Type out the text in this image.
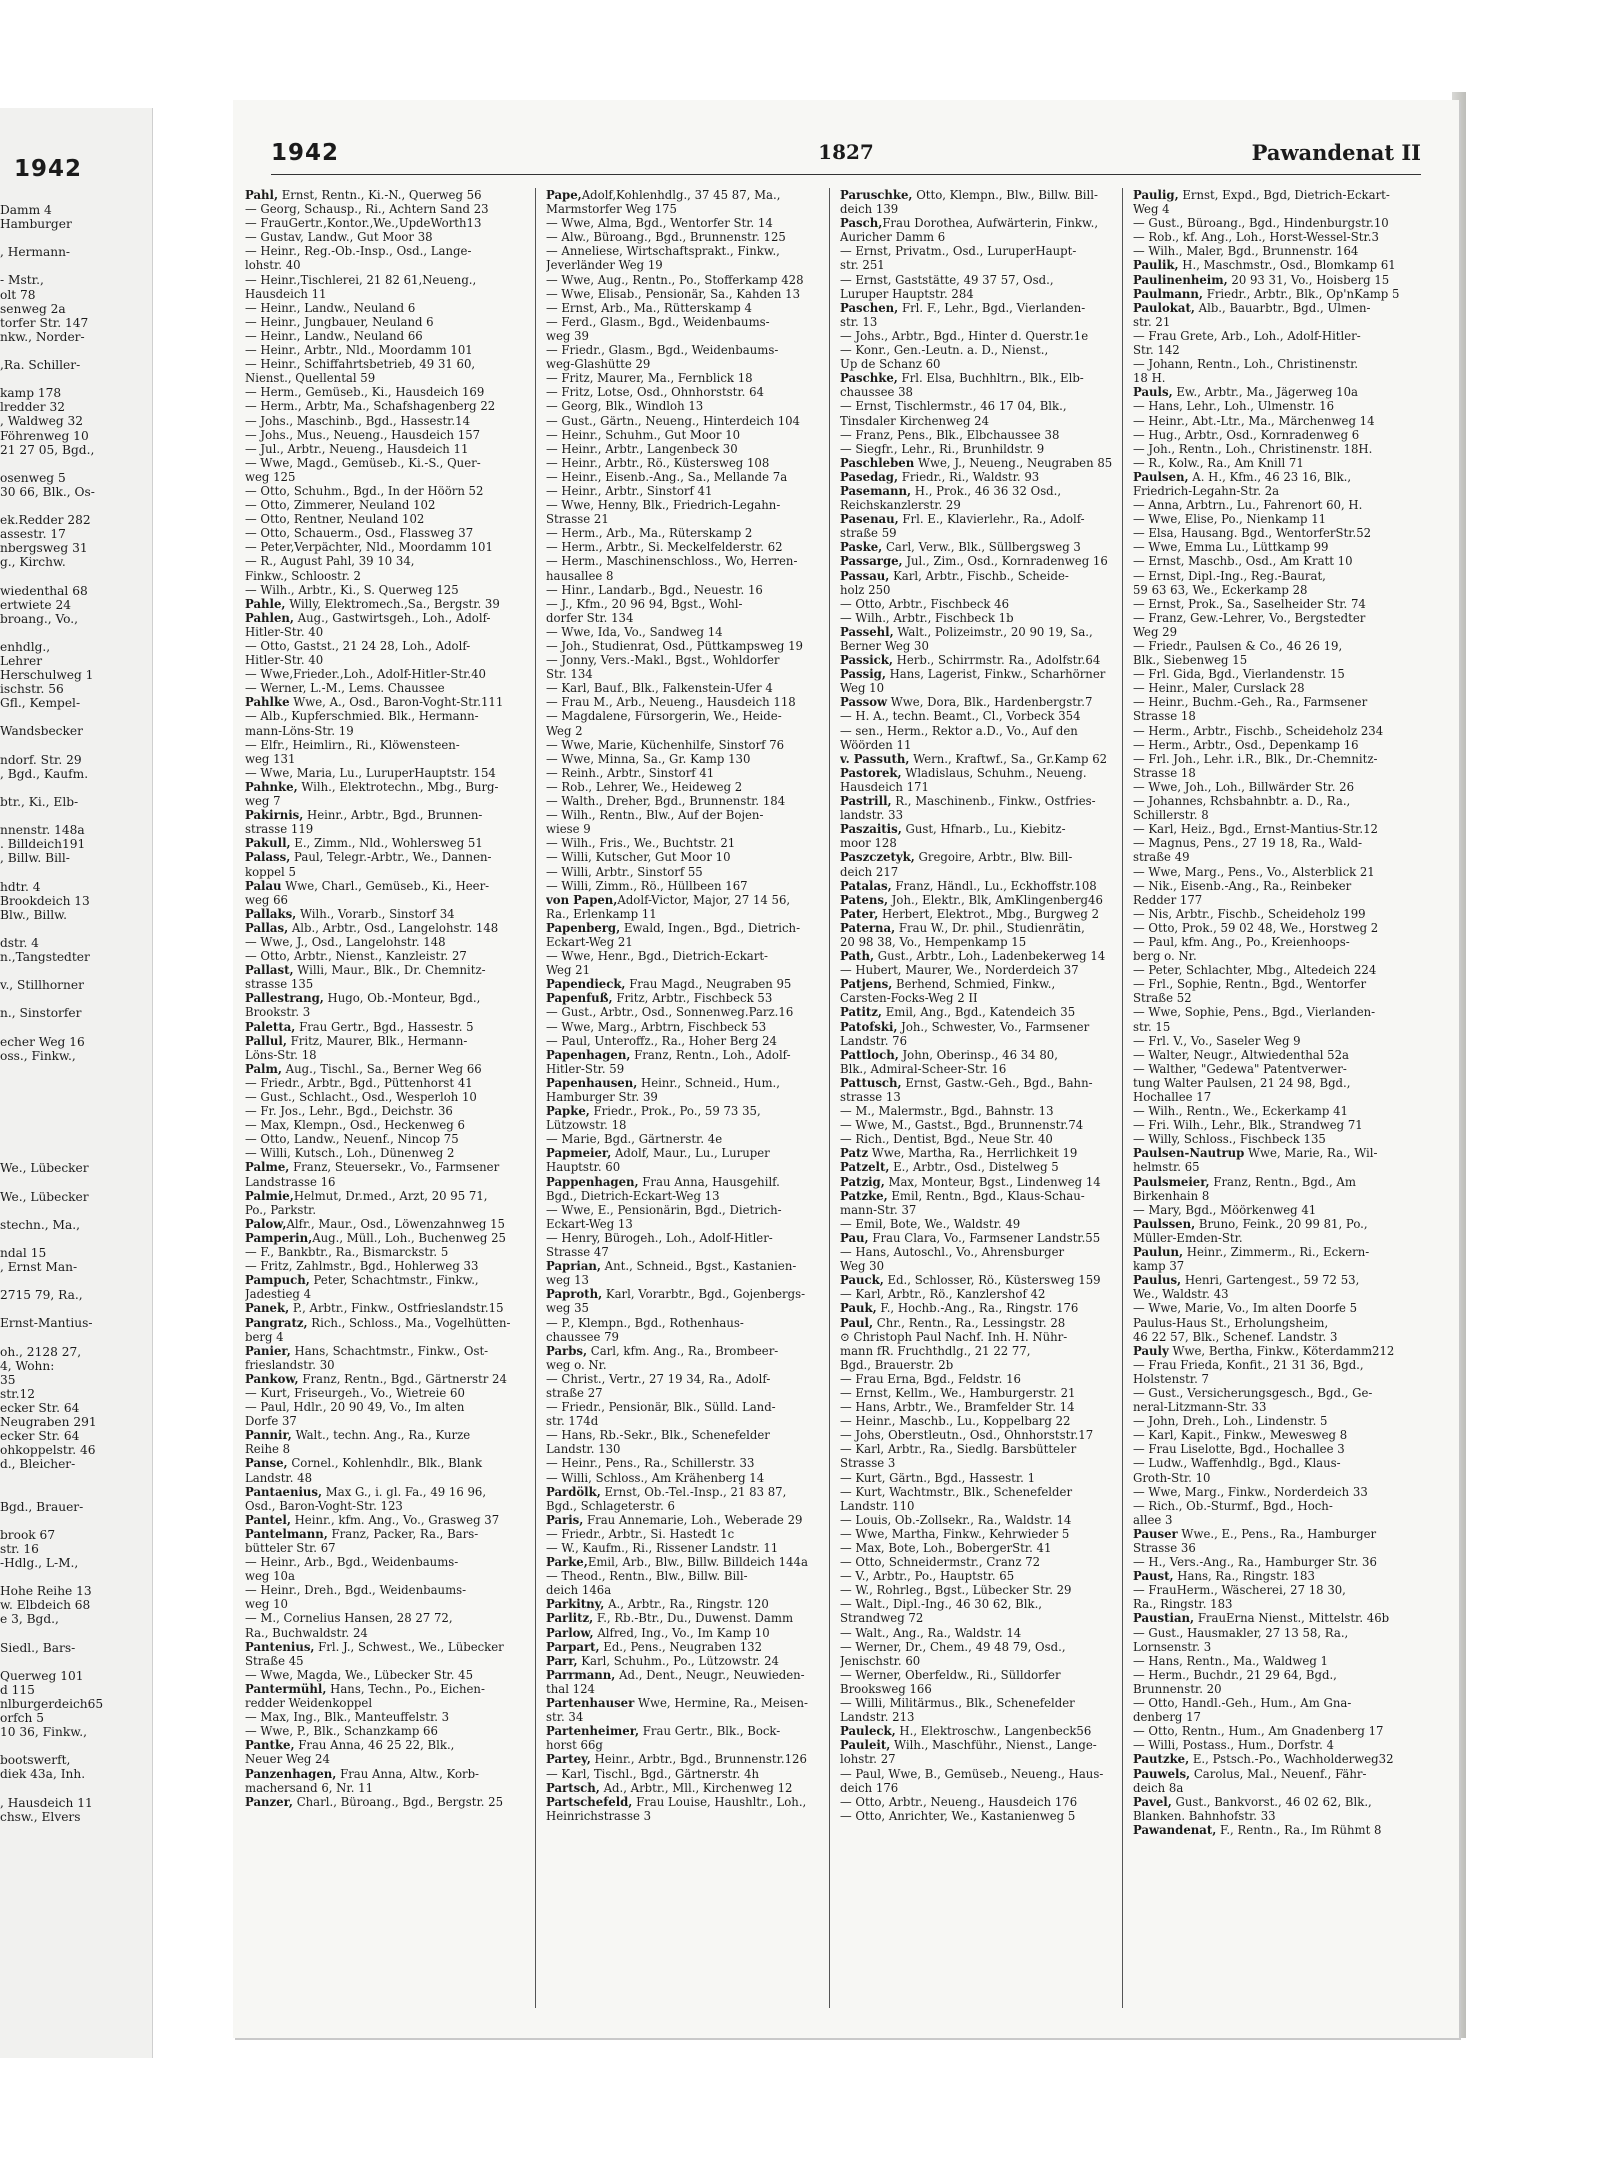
1942
Damm 4
Hamburger

, Hermann-

- Mstr.,
olt 78
senweg 2a
torfer Str. 147
nkw., Norder-

,Ra. Schiller-

kamp 178
lredder 32
, Waldweg 32
Föhrenweg 10
21 27 05, Bgd.,

osenweg 5
30 66, Blk., Os-

ek.Redder 282
assestr. 17
nbergsweg 31
g., Kirchw.

wiedenthal 68
ertwiete 24
broang., Vo.,

enhdlg.,
Lehrer
Herschulweg 1
ischstr. 56
Gfl., Kempel-

Wandsbecker

ndorf. Str. 29
, Bgd., Kaufm.

btr., Ki., Elb-

nnenstr. 148a
. Billdeich191
, Billw. Bill-

hdtr. 4
Brookdeich 13
Blw., Billw.

dstr. 4
n.,Tangstedter

v., Stillhorner

n., Sinstorfer

echer Weg 16
oss., Finkw.,

We., Lübecker

We., Lübecker

stechn., Ma.,

ndal 15
, Ernst Man-

2715 79, Ra.,

Ernst-Mantius-

oh., 2128 27,
4, Wohn:
35
str.12
ecker Str. 64
Neugraben 291
ecker Str. 64
ohkoppelstr. 46
d., Bleicher-

Bgd., Brauer-

brook 67
str. 16
-Hdlg., L-M.,

Hohe Reihe 13
w. Elbdeich 68
e 3, Bgd.,

Siedl., Bars-

Querweg 101
d 115
nlburgerdeich65
orfch 5
10 36, Finkw.,

bootswerft,
diek 43a, Inh.

, Hausdeich 11
chsw., Elvers
1942	1827	Pawandenat II
Pahl, Ernst, Rentn., Ki.-N., Querweg 56
— Georg, Schausp., Ri., Achtern Sand 23
— FrauGertr.,Kontor.,We.,UpdeWorth13
— Gustav, Landw., Gut Moor 38
— Heinr., Reg.-Ob.-Insp., Osd., Lange-
lohstr. 40
— Heinr.,Tischlerei, 21 82 61,Neueng.,
Hausdeich 11
— Heinr., Landw., Neuland 6
— Heinr., Jungbauer, Neuland 6
— Heinr., Landw., Neuland 66
— Heinr., Arbtr., Nld., Moordamm 101
— Heinr., Schiffahrtsbetrieb, 49 31 60,
Nienst., Quellental 59
— Herm., Gemüseb., Ki., Hausdeich 169
— Herm., Arbtr, Ma., Schafshagenberg 22
— Johs., Maschinb., Bgd., Hassestr.14
— Johs., Mus., Neueng., Hausdeich 157
— Jul., Arbtr., Neueng., Hausdeich 11
— Wwe, Magd., Gemüseb., Ki.-S., Quer-
weg 125
— Otto, Schuhm., Bgd., In der Höörn 52
— Otto, Zimmerer, Neuland 102
— Otto, Rentner, Neuland 102
— Otto, Schauerm., Osd., Flassweg 37
— Peter,Verpächter, Nld., Moordamm 101
— R., August Pahl, 39 10 34,
Finkw., Schloostr. 2
— Wilh., Arbtr., Ki., S. Querweg 125
Pahle, Willy, Elektromech.,Sa., Bergstr. 39
Pahlen, Aug., Gastwirtsgeh., Loh., Adolf-
Hitler-Str. 40
— Otto, Gastst., 21 24 28, Loh., Adolf-
Hitler-Str. 40
— Wwe,Frieder.,Loh., Adolf-Hitler-Str.40
— Werner, L.-M., Lems. Chaussee
Pahlke Wwe, A., Osd., Baron-Voght-Str.111
— Alb., Kupferschmied. Blk., Hermann-
mann-Löns-Str. 19
— Elfr., Heimlirn., Ri., Klöwensteen-
weg 131
— Wwe, Maria, Lu., LuruperHauptstr. 154
Pahnke, Wilh., Elektrotechn., Mbg., Burg-
weg 7
Pakirnis, Heinr., Arbtr., Bgd., Brunnen-
strasse 119
Pakull, E., Zimm., Nld., Wohlersweg 51
Palass, Paul, Telegr.-Arbtr., We., Dannen-
koppel 5
Palau Wwe, Charl., Gemüseb., Ki., Heer-
weg 66
Pallaks, Wilh., Vorarb., Sinstorf 34
Pallas, Alb., Arbtr., Osd., Langelohstr. 148
— Wwe, J., Osd., Langelohstr. 148
— Otto, Arbtr., Nienst., Kanzleistr. 27
Pallast, Willi, Maur., Blk., Dr. Chemnitz-
strasse 135
Pallestrang, Hugo, Ob.-Monteur, Bgd.,
Brookstr. 3
Paletta, Frau Gertr., Bgd., Hassestr. 5
Pallul, Fritz, Maurer, Blk., Hermann-
Löns-Str. 18
Palm, Aug., Tischl., Sa., Berner Weg 66
— Friedr., Arbtr., Bgd., Püttenhorst 41
— Gust., Schlacht., Osd., Wesperloh 10
— Fr. Jos., Lehr., Bgd., Deichstr. 36
— Max, Klempn., Osd., Heckenweg 6
— Otto, Landw., Neuenf., Nincop 75
— Willi, Kutsch., Loh., Dünenweg 2
Palme, Franz, Steuersekr., Vo., Farmsener
Landstrasse 16
Palmie,Helmut, Dr.med., Arzt, 20 95 71,
Po., Parkstr.
Palow,Alfr., Maur., Osd., Löwenzahnweg 15
Pamperin,Aug., Müll., Loh., Buchenweg 25
— F., Bankbtr., Ra., Bismarckstr. 5
— Fritz, Zahlmstr., Bgd., Hohlerweg 33
Pampuch, Peter, Schachtmstr., Finkw.,
Jadestieg 4
Panek, P., Arbtr., Finkw., Ostfrieslandstr.15
Pangratz, Rich., Schloss., Ma., Vogelhütten-
berg 4
Panier, Hans, Schachtmstr., Finkw., Ost-
frieslandstr. 30
Pankow, Franz, Rentn., Bgd., Gärtnerstr 24
— Kurt, Friseurgeh., Vo., Wietreie 60
— Paul, Hdlr., 20 90 49, Vo., Im alten
Dorfe 37
Pannir, Walt., techn. Ang., Ra., Kurze
Reihe 8
Panse, Cornel., Kohlenhdlr., Blk., Blank
Landstr. 48
Pantaenius, Max G., i. gl. Fa., 49 16 96,
Osd., Baron-Voght-Str. 123
Pantel, Heinr., kfm. Ang., Vo., Grasweg 37
Pantelmann, Franz, Packer, Ra., Bars-
bütteler Str. 67
— Heinr., Arb., Bgd., Weidenbaums-
weg 10a
— Heinr., Dreh., Bgd., Weidenbaums-
weg 10
— M., Cornelius Hansen, 28 27 72,
Ra., Buchwaldstr. 24
Pantenius, Frl. J., Schwest., We., Lübecker
Straße 45
— Wwe, Magda, We., Lübecker Str. 45
Pantermühl, Hans, Techn., Po., Eichen-
redder Weidenkoppel
— Max, Ing., Blk., Manteuffelstr. 3
— Wwe, P., Blk., Schanzkamp 66
Pantke, Frau Anna, 46 25 22, Blk.,
Neuer Weg 24
Panzenhagen, Frau Anna, Altw., Korb-
machersand 6, Nr. 11
Panzer, Charl., Büroang., Bgd., Bergstr. 25
Pape,Adolf,Kohlenhdlg., 37 45 87, Ma.,
Marmstorfer Weg 175
— Wwe, Alma, Bgd., Wentorfer Str. 14
— Alw., Büroang., Bgd., Brunnenstr. 125
— Anneliese, Wirtschaftsprakt., Finkw.,
Jeverländer Weg 19
— Wwe, Aug., Rentn., Po., Stofferkamp 428
— Wwe, Elisab., Pensionär, Sa., Kahden 13
— Ernst, Arb., Ma., Rütterskamp 4
— Ferd., Glasm., Bgd., Weidenbaums-
weg 39
— Friedr., Glasm., Bgd., Weidenbaums-
weg-Glashütte 29
— Fritz, Maurer, Ma., Fernblick 18
— Fritz, Lotse, Osd., Ohnhorststr. 64
— Georg, Blk., Windloh 13
— Gust., Gärtn., Neueng., Hinterdeich 104
— Heinr., Schuhm., Gut Moor 10
— Heinr., Arbtr., Langenbeck 30
— Heinr., Arbtr., Rö., Küstersweg 108
— Heinr., Eisenb.-Ang., Sa., Mellande 7a
— Heinr., Arbtr., Sinstorf 41
— Wwe, Henny, Blk., Friedrich-Legahn-
Strasse 21
— Herm., Arb., Ma., Rüterskamp 2
— Herm., Arbtr., Si. Meckelfelderstr. 62
— Herm., Maschinenschloss., Wo, Herren-
hausallee 8
— Hinr., Landarb., Bgd., Neuestr. 16
— J., Kfm., 20 96 94, Bgst., Wohl-
dorfer Str. 134
— Wwe, Ida, Vo., Sandweg 14
— Joh., Studienrat, Osd., Püttkampsweg 19
— Jonny, Vers.-Makl., Bgst., Wohldorfer
Str. 134
— Karl, Bauf., Blk., Falkenstein-Ufer 4
— Frau M., Arb., Neueng., Hausdeich 118
— Magdalene, Fürsorgerin, We., Heide-
Weg 2
— Wwe, Marie, Küchenhilfe, Sinstorf 76
— Wwe, Minna, Sa., Gr. Kamp 130
— Reinh., Arbtr., Sinstorf 41
— Rob., Lehrer, We., Heideweg 2
— Walth., Dreher, Bgd., Brunnenstr. 184
— Wilh., Rentn., Blw., Auf der Bojen-
wiese 9
— Wilh., Fris., We., Buchtstr. 21
— Willi, Kutscher, Gut Moor 10
— Willi, Arbtr., Sinstorf 55
— Willi, Zimm., Rö., Hüllbeen 167
von Papen,Adolf-Victor, Major, 27 14 56,
Ra., Erlenkamp 11
Papenberg, Ewald, Ingen., Bgd., Dietrich-
Eckart-Weg 21
— Wwe, Henr., Bgd., Dietrich-Eckart-
Weg 21
Papendieck, Frau Magd., Neugraben 95
Papenfuß, Fritz, Arbtr., Fischbeck 53
— Gust., Arbtr., Osd., Sonnenweg.Parz.16
— Wwe, Marg., Arbtrn, Fischbeck 53
— Paul, Unteroffz., Ra., Hoher Berg 24
Papenhagen, Franz, Rentn., Loh., Adolf-
Hitler-Str. 59
Papenhausen, Heinr., Schneid., Hum.,
Hamburger Str. 39
Papke, Friedr., Prok., Po., 59 73 35,
Lützowstr. 18
— Marie, Bgd., Gärtnerstr. 4e
Papmeier, Adolf, Maur., Lu., Luruper
Hauptstr. 60
Pappenhagen, Frau Anna, Hausgehilf.
Bgd., Dietrich-Eckart-Weg 13
— Wwe, E., Pensionärin, Bgd., Dietrich-
Eckart-Weg 13
— Henry, Bürogeh., Loh., Adolf-Hitler-
Strasse 47
Paprian, Ant., Schneid., Bgst., Kastanien-
weg 13
Paproth, Karl, Vorarbtr., Bgd., Gojenbergs-
weg 35
— P., Klempn., Bgd., Rothenhaus-
chaussee 79
Parbs, Carl, kfm. Ang., Ra., Brombeer-
weg o. Nr.
— Christ., Vertr., 27 19 34, Ra., Adolf-
straße 27
— Friedr., Pensionär, Blk., Sülld. Land-
str. 174d
— Hans, Rb.-Sekr., Blk., Schenefelder
Landstr. 130
— Heinr., Pens., Ra., Schillerstr. 33
— Willi, Schloss., Am Krähenberg 14
Pardölk, Ernst, Ob.-Tel.-Insp., 21 83 87,
Bgd., Schlageterstr. 6
Paris, Frau Annemarie, Loh., Weberade 29
— Friedr., Arbtr., Si. Hastedt 1c
— W., Kaufm., Ri., Rissener Landstr. 11
Parke,Emil, Arb., Blw., Billw. Billdeich 144a
— Theod., Rentn., Blw., Billw. Bill-
deich 146a
Parkitny, A., Arbtr., Ra., Ringstr. 120
Parlitz, F., Rb.-Btr., Du., Duwenst. Damm
Parlow, Alfred, Ing., Vo., Im Kamp 10
Parpart, Ed., Pens., Neugraben 132
Parr, Karl, Schuhm., Po., Lützowstr. 24
Parrmann, Ad., Dent., Neugr., Neuwieden-
thal 124
Partenhauser Wwe, Hermine, Ra., Meisen-
str. 34
Partenheimer, Frau Gertr., Blk., Bock-
horst 66g
Partey, Heinr., Arbtr., Bgd., Brunnenstr.126
— Karl, Tischl., Bgd., Gärtnerstr. 4h
Partsch, Ad., Arbtr., Mll., Kirchenweg 12
Partschefeld, Frau Louise, Haushltr., Loh.,
Heinrichstrasse 3
Paruschke, Otto, Klempn., Blw., Billw. Bill-
deich 139
Pasch,Frau Dorothea, Aufwärterin, Finkw.,
Auricher Damm 6
— Ernst, Privatm., Osd., LuruperHaupt-
str. 251
— Ernst, Gaststätte, 49 37 57, Osd.,
Luruper Hauptstr. 284
Paschen, Frl. F., Lehr., Bgd., Vierlanden-
str. 13
— Johs., Arbtr., Bgd., Hinter d. Querstr.1e
— Konr., Gen.-Leutn. a. D., Nienst.,
Up de Schanz 60
Paschke, Frl. Elsa, Buchhltrn., Blk., Elb-
chaussee 38
— Ernst, Tischlermstr., 46 17 04, Blk.,
Tinsdaler Kirchenweg 24
— Franz, Pens., Blk., Elbchaussee 38
— Siegfr., Lehr., Ri., Brunhildstr. 9
Paschleben Wwe, J., Neueng., Neugraben 85
Pasedag, Friedr., Ri., Waldstr. 93
Pasemann, H., Prok., 46 36 32 Osd.,
Reichskanzlerstr. 29
Pasenau, Frl. E., Klavierlehr., Ra., Adolf-
straße 59
Paske, Carl, Verw., Blk., Süllbergsweg 3
Passarge, Jul., Zim., Osd., Kornradenweg 16
Passau, Karl, Arbtr., Fischb., Scheide-
holz 250
— Otto, Arbtr., Fischbeck 46
— Wilh., Arbtr., Fischbeck 1b
Passehl, Walt., Polizeimstr., 20 90 19, Sa.,
Berner Weg 30
Passick, Herb., Schirrmstr. Ra., Adolfstr.64
Passig, Hans, Lagerist, Finkw., Scharhörner
Weg 10
Passow Wwe, Dora, Blk., Hardenbergstr.7
— H. A., techn. Beamt., Cl., Vorbeck 354
— sen., Herm., Rektor a.D., Vo., Auf den
Wöörden 11
v. Passuth, Wern., Kraftwf., Sa., Gr.Kamp 62
Pastorek, Wladislaus, Schuhm., Neueng.
Hausdeich 171
Pastrill, R., Maschinenb., Finkw., Ostfries-
landstr. 33
Paszaitis, Gust, Hfnarb., Lu., Kiebitz-
moor 128
Paszczetyk, Gregoire, Arbtr., Blw. Bill-
deich 217
Patalas, Franz, Händl., Lu., Eckhoffstr.108
Patens, Joh., Elektr., Blk, AmKlingenberg46
Pater, Herbert, Elektrot., Mbg., Burgweg 2
Paterna, Frau W., Dr. phil., Studienrätin,
20 98 38, Vo., Hempenkamp 15
Path, Gust., Arbtr., Loh., Ladenbekerweg 14
— Hubert, Maurer, We., Norderdeich 37
Patjens, Berhend, Schmied, Finkw.,
Carsten-Focks-Weg 2 II
Patitz, Emil, Ang., Bgd., Katendeich 35
Patofski, Joh., Schwester, Vo., Farmsener
Landstr. 76
Pattloch, John, Oberinsp., 46 34 80,
Blk., Admiral-Scheer-Str. 16
Pattusch, Ernst, Gastw.-Geh., Bgd., Bahn-
strasse 13
— M., Malermstr., Bgd., Bahnstr. 13
— Wwe, M., Gastst., Bgd., Brunnenstr.74
— Rich., Dentist, Bgd., Neue Str. 40
Patz Wwe, Martha, Ra., Herrlichkeit 19
Patzelt, E., Arbtr., Osd., Distelweg 5
Patzig, Max, Monteur, Bgst., Lindenweg 14
Patzke, Emil, Rentn., Bgd., Klaus-Schau-
mann-Str. 37
— Emil, Bote, We., Waldstr. 49
Pau, Frau Clara, Vo., Farmsener Landstr.55
— Hans, Autoschl., Vo., Ahrensburger
Weg 30
Pauck, Ed., Schlosser, Rö., Küstersweg 159
— Karl, Arbtr., Rö., Kanzlershof 42
Pauk, F., Hochb.-Ang., Ra., Ringstr. 176
Paul, Chr., Rentn., Ra., Lessingstr. 28
⊙ Christoph Paul Nachf. Inh. H. Nühr-
mann fR. Fruchthdlg., 21 22 77,
Bgd., Brauerstr. 2b
— Frau Erna, Bgd., Feldstr. 16
— Ernst, Kellm., We., Hamburgerstr. 21
— Hans, Arbtr., We., Bramfelder Str. 14
— Heinr., Maschb., Lu., Koppelbarg 22
— Johs, Oberstleutn., Osd., Ohnhorststr.17
— Karl, Arbtr., Ra., Siedlg. Barsbütteler
Strasse 3
— Kurt, Gärtn., Bgd., Hassestr. 1
— Kurt, Wachtmstr., Blk., Schenefelder
Landstr. 110
— Louis, Ob.-Zollsekr., Ra., Waldstr. 14
— Wwe, Martha, Finkw., Kehrwieder 5
— Max, Bote, Loh., BobergerStr. 41
— Otto, Schneidermstr., Cranz 72
— V., Arbtr., Po., Hauptstr. 65
— W., Rohrleg., Bgst., Lübecker Str. 29
— Walt., Dipl.-Ing., 46 30 62, Blk.,
Strandweg 72
— Walt., Ang., Ra., Waldstr. 14
— Werner, Dr., Chem., 49 48 79, Osd.,
Jenischstr. 60
— Werner, Oberfeldw., Ri., Sülldorfer
Brooksweg 166
— Willi, Militärmus., Blk., Schenefelder
Landstr. 213
Pauleck, H., Elektroschw., Langenbeck56
Pauleit, Wilh., Maschführ., Nienst., Lange-
lohstr. 27
— Paul, Wwe, B., Gemüseb., Neueng., Haus-
deich 176
— Otto, Arbtr., Neueng., Hausdeich 176
— Otto, Anrichter, We., Kastanienweg 5
Paulig, Ernst, Expd., Bgd, Dietrich-Eckart-
Weg 4
— Gust., Büroang., Bgd., Hindenburgstr.10
— Rob., kf. Ang., Loh., Horst-Wessel-Str.3
— Wilh., Maler, Bgd., Brunnenstr. 164
Paulik, H., Maschmstr., Osd., Blomkamp 61
Paulinenheim, 20 93 31, Vo., Hoisberg 15
Paulmann, Friedr., Arbtr., Blk., Op'nKamp 5
Paulokat, Alb., Bauarbtr., Bgd., Ulmen-
str. 21
— Frau Grete, Arb., Loh., Adolf-Hitler-
Str. 142
— Johann, Rentn., Loh., Christinenstr.
18 H.
Pauls, Ew., Arbtr., Ma., Jägerweg 10a
— Hans, Lehr., Loh., Ulmenstr. 16
— Heinr., Abt.-Ltr., Ma., Märchenweg 14
— Hug., Arbtr., Osd., Kornradenweg 6
— Joh., Rentn., Loh., Christinenstr. 18H.
— R., Kolw., Ra., Am Knill 71
Paulsen, A. H., Kfm., 46 23 16, Blk.,
Friedrich-Legahn-Str. 2a
— Anna, Arbtrn., Lu., Fahrenort 60, H.
— Wwe, Elise, Po., Nienkamp 11
— Elsa, Hausang. Bgd., WentorferStr.52
— Wwe, Emma Lu., Lüttkamp 99
— Ernst, Maschb., Osd., Am Kratt 10
— Ernst, Dipl.-Ing., Reg.-Baurat,
59 63 63, We., Eckerkamp 28
— Ernst, Prok., Sa., Saselheider Str. 74
— Franz, Gew.-Lehrer, Vo., Bergstedter
Weg 29
— Friedr., Paulsen & Co., 46 26 19,
Blk., Siebenweg 15
— Frl. Gida, Bgd., Vierlandenstr. 15
— Heinr., Maler, Curslack 28
— Heinr., Buchm.-Geh., Ra., Farmsener
Strasse 18
— Herm., Arbtr., Fischb., Scheideholz 234
— Herm., Arbtr., Osd., Depenkamp 16
— Frl. Joh., Lehr. i.R., Blk., Dr.-Chemnitz-
Strasse 18
— Wwe, Joh., Loh., Billwärder Str. 26
— Johannes, Rchsbahnbtr. a. D., Ra.,
Schillerstr. 8
— Karl, Heiz., Bgd., Ernst-Mantius-Str.12
— Magnus, Pens., 27 19 18, Ra., Wald-
straße 49
— Wwe, Marg., Pens., Vo., Alsterblick 21
— Nik., Eisenb.-Ang., Ra., Reinbeker
Redder 177
— Nis, Arbtr., Fischb., Scheideholz 199
— Otto, Prok., 59 02 48, We., Horstweg 2
— Paul, kfm. Ang., Po., Kreienhoops-
berg o. Nr.
— Peter, Schlachter, Mbg., Altedeich 224
— Frl., Sophie, Rentn., Bgd., Wentorfer
Straße 52
— Wwe, Sophie, Pens., Bgd., Vierlanden-
str. 15
— Frl. V., Vo., Saseler Weg 9
— Walter, Neugr., Altwiedenthal 52a
— Walther, "Gedewa" Patentverwer-
tung Walter Paulsen, 21 24 98, Bgd.,
Hochallee 17
— Wilh., Rentn., We., Eckerkamp 41
— Fri. Wilh., Lehr., Blk., Strandweg 71
— Willy, Schloss., Fischbeck 135
Paulsen-Nautrup Wwe, Marie, Ra., Wil-
helmstr. 65
Paulsmeier, Franz, Rentn., Bgd., Am
Birkenhain 8
— Mary, Bgd., Möörkenweg 41
Paulssen, Bruno, Feink., 20 99 81, Po.,
Müller-Emden-Str.
Paulun, Heinr., Zimmerm., Ri., Eckern-
kamp 37
Paulus, Henri, Gartengest., 59 72 53,
We., Waldstr. 43
— Wwe, Marie, Vo., Im alten Doorfe 5
Paulus-Haus St., Erholungsheim,
46 22 57, Blk., Schenef. Landstr. 3
Pauly Wwe, Bertha, Finkw., Köterdamm212
— Frau Frieda, Konfit., 21 31 36, Bgd.,
Holstenstr. 7
— Gust., Versicherungsgesch., Bgd., Ge-
neral-Litzmann-Str. 33
— John, Dreh., Loh., Lindenstr. 5
— Karl, Kapit., Finkw., Mewesweg 8
— Frau Liselotte, Bgd., Hochallee 3
— Ludw., Waffenhdlg., Bgd., Klaus-
Groth-Str. 10
— Wwe, Marg., Finkw., Norderdeich 33
— Rich., Ob.-Sturmf., Bgd., Hoch-
allee 3
Pauser Wwe., E., Pens., Ra., Hamburger
Strasse 36
— H., Vers.-Ang., Ra., Hamburger Str. 36
Paust, Hans, Ra., Ringstr. 183
— FrauHerm., Wäscherei, 27 18 30,
Ra., Ringstr. 183
Paustian, FrauErna Nienst., Mittelstr. 46b
— Gust., Hausmakler, 27 13 58, Ra.,
Lornsenstr. 3
— Hans, Rentn., Ma., Waldweg 1
— Herm., Buchdr., 21 29 64, Bgd.,
Brunnenstr. 20
— Otto, Handl.-Geh., Hum., Am Gna-
denberg 17
— Otto, Rentn., Hum., Am Gnadenberg 17
— Willi, Postass., Hum., Dorfstr. 4
Pautzke, E., Pstsch.-Po., Wachholderweg32
Pauwels, Carolus, Mal., Neuenf., Fähr-
deich 8a
Pavel, Gust., Bankvorst., 46 02 62, Blk.,
Blanken. Bahnhofstr. 33
Pawandenat, F., Rentn., Ra., Im Rühmt 8
